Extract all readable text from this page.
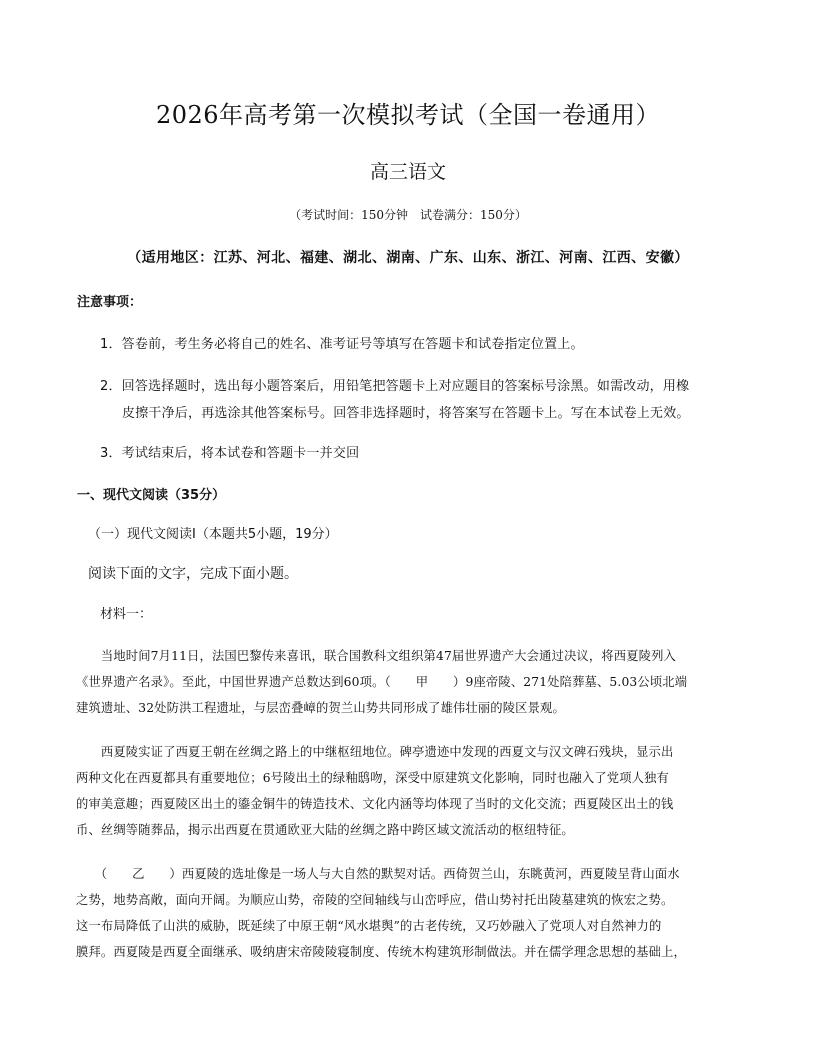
2026年高考第一次模拟考试（全国一卷通用）
高三语文
（考试时间：150分钟　试卷满分：150分）
（适用地区：江苏、河北、福建、湖北、湖南、广东、山东、浙江、河南、江西、安徽）
注意事项：
1．答卷前，考生务必将自己的姓名、准考证号等填写在答题卡和试卷指定位置上。
2．回答选择题时，选出每小题答案后，用铅笔把答题卡上对应题目的答案标号涂黑。如需改动，用橡
皮擦干净后，再选涂其他答案标号。回答非选择题时，将答案写在答题卡上。写在本试卷上无效。
3．考试结束后，将本试卷和答题卡一并交回
一、现代文阅读（35分）
（一）现代文阅读Ⅰ（本题共5小题，19分）
阅读下面的文字，完成下面小题。
材料一：
　　当地时间7月11日，法国巴黎传来喜讯，联合国教科文组织第47届世界遗产大会通过决议，将西夏陵列入
《世界遗产名录》。至此，中国世界遗产总数达到60项。（　　甲　　）9座帝陵、271处陪葬墓、5.03公顷北端
建筑遗址、32处防洪工程遗址，与层峦叠嶂的贺兰山势共同形成了雄伟壮丽的陵区景观。
　　西夏陵实证了西夏王朝在丝绸之路上的中继枢纽地位。碑亭遗迹中发现的西夏文与汉文碑石残块，显示出
两种文化在西夏都具有重要地位；6号陵出土的绿釉鸱吻，深受中原建筑文化影响，同时也融入了党项人独有
的审美意趣；西夏陵区出土的鎏金铜牛的铸造技术、文化内涵等均体现了当时的文化交流；西夏陵区出土的钱
币、丝绸等随葬品，揭示出西夏在贯通欧亚大陆的丝绸之路中跨区域文流活动的枢纽特征。
　　（　　乙　　）西夏陵的选址像是一场人与大自然的默契对话。西倚贺兰山，东眺黄河，西夏陵呈背山面水
之势，地势高敞，面向开阔。为顺应山势，帝陵的空间轴线与山峦呼应，借山势衬托出陵墓建筑的恢宏之势。
这一布局降低了山洪的威胁，既延续了中原王朝“风水堪舆”的古老传统，又巧妙融入了党项人对自然神力的
膜拜。西夏陵是西夏全面继承、吸纳唐宋帝陵陵寝制度、传统木构建筑形制做法。并在儒学理念思想的基础上，
